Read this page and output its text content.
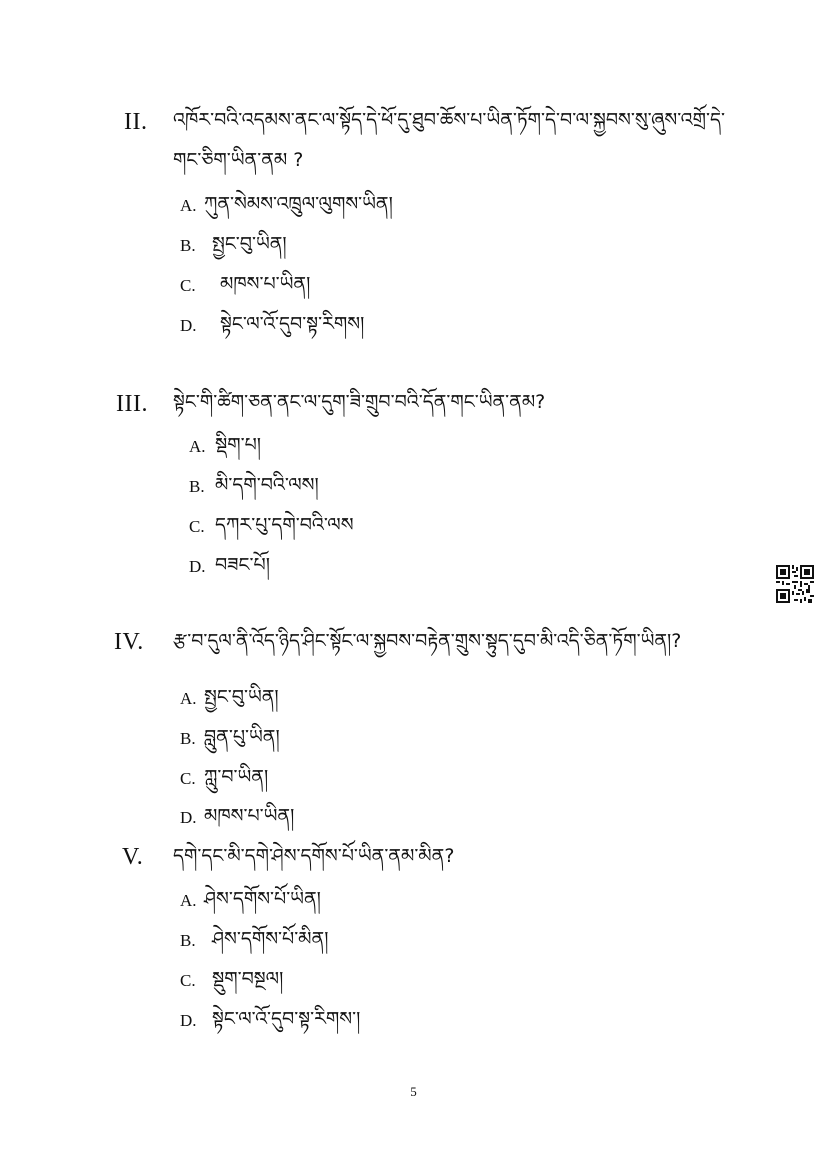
II. འཁོར་བའི་འདམས་ནང་ལ་སྟོད་དེ་ཕོ་དུ་ཐུབ་ཆོས་པ་ཡིན་ཏོག་དེ་བ་ལ་སྐྱབས་སུ་ཞུས་འགྲོ་དེ་གང་ཅིག་ཡིན་ནམ ?
A. ཀུན་སེམས་འཁྲུལ་ལུགས་ཡིན།
B. སྤྱང་བུ་ཡིན།
C. མཁས་པ་ཡིན།
D. སྟེང་ལ་འོ་དུབ་སྟ་རིགས།
III. སྟེང་གི་ཚིག་ཅན་ནང་ལ་དུག་ཟི་གྲུབ་བའི་དོན་གང་ཡིན་ནམ?
A. སྡིག་པ།
B. མི་དགེ་བའི་ལས།
C. དཀར་པུ་དགེ་བའི་ལས
D. བཟང་པོ།
IV. རྩ་བ་དུལ་ནི་འོད་ཉིད་ཤིང་སྟོང་ལ་སྐྱབས་བརྟེན་གྲུས་སྟུད་དུབ་མི་འདི་ཅིན་ཏོག་ཡིན།?
A. སྤྱང་བུ་ཡིན།
B. བླུན་པུ་ཡིན།
C. ཀླུ་བ་ཡིན།
D. མཁས་པ་ཡིན།
V. དགེ་དང་མི་དགེ་ཤེས་དགོས་པོ་ཡིན་ནམ་མིན?
A. ཤེས་དགོས་པོ་ཡིན།
B. ཤེས་དགོས་པོ་མིན།
C. སྡུག་བསྔལ།
D. སྟེང་ལ་འོ་དུབ་སྟ་རིགས་།
5
